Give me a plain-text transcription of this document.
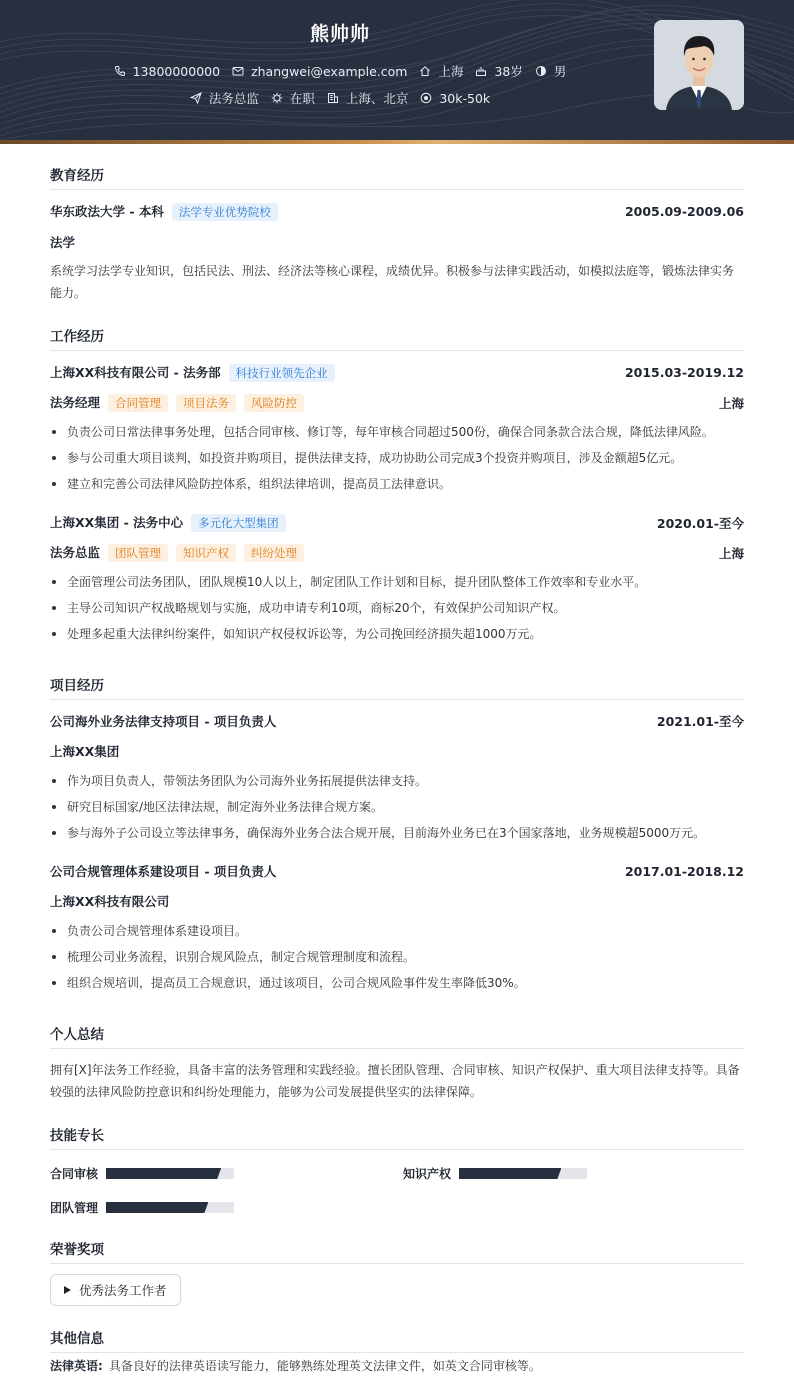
熊帅帅
13800000000 zhangwei@example.com 上海 38岁 男
法务总监 在职 上海、北京 30k-50k
教育经历
华东政法大学 - 本科 法学专业优势院校	2005.09-2009.06
法学
系统学习法学专业知识，包括民法、刑法、经济法等核心课程，成绩优异。积极参与法律实践活动，如模拟法庭等，锻炼法律实务能力。
工作经历
上海XX科技有限公司 - 法务部 科技行业领先企业	2015.03-2019.12
法务经理 合同管理 项目法务 风险防控	上海
负责公司日常法律事务处理，包括合同审核、修订等，每年审核合同超过500份，确保合同条款合法合规，降低法律风险。
参与公司重大项目谈判，如投资并购项目，提供法律支持，成功协助公司完成3个投资并购项目，涉及金额超5亿元。
建立和完善公司法律风险防控体系，组织法律培训，提高员工法律意识。
上海XX集团 - 法务中心 多元化大型集团	2020.01-至今
法务总监 团队管理 知识产权 纠纷处理	上海
全面管理公司法务团队，团队规模10人以上，制定团队工作计划和目标，提升团队整体工作效率和专业水平。
主导公司知识产权战略规划与实施，成功申请专利10项，商标20个，有效保护公司知识产权。
处理多起重大法律纠纷案件，如知识产权侵权诉讼等，为公司挽回经济损失超1000万元。
项目经历
公司海外业务法律支持项目 - 项目负责人	2021.01-至今
上海XX集团
作为项目负责人，带领法务团队为公司海外业务拓展提供法律支持。
研究目标国家/地区法律法规，制定海外业务法律合规方案。
参与海外子公司设立等法律事务，确保海外业务合法合规开展，目前海外业务已在3个国家落地，业务规模超5000万元。
公司合规管理体系建设项目 - 项目负责人	2017.01-2018.12
上海XX科技有限公司
负责公司合规管理体系建设项目。
梳理公司业务流程，识别合规风险点，制定合规管理制度和流程。
组织合规培训，提高员工合规意识，通过该项目，公司合规风险事件发生率降低30%。
个人总结
拥有[X]年法务工作经验，具备丰富的法务管理和实践经验。擅长团队管理、合同审核、知识产权保护、重大项目法律支持等。具备较强的法律风险防控意识和纠纷处理能力，能够为公司发展提供坚实的法律保障。
技能专长
合同审核	知识产权
团队管理
荣誉奖项
优秀法务工作者
其他信息
法律英语: 具备良好的法律英语读写能力，能够熟练处理英文法律文件，如英文合同审核等。
